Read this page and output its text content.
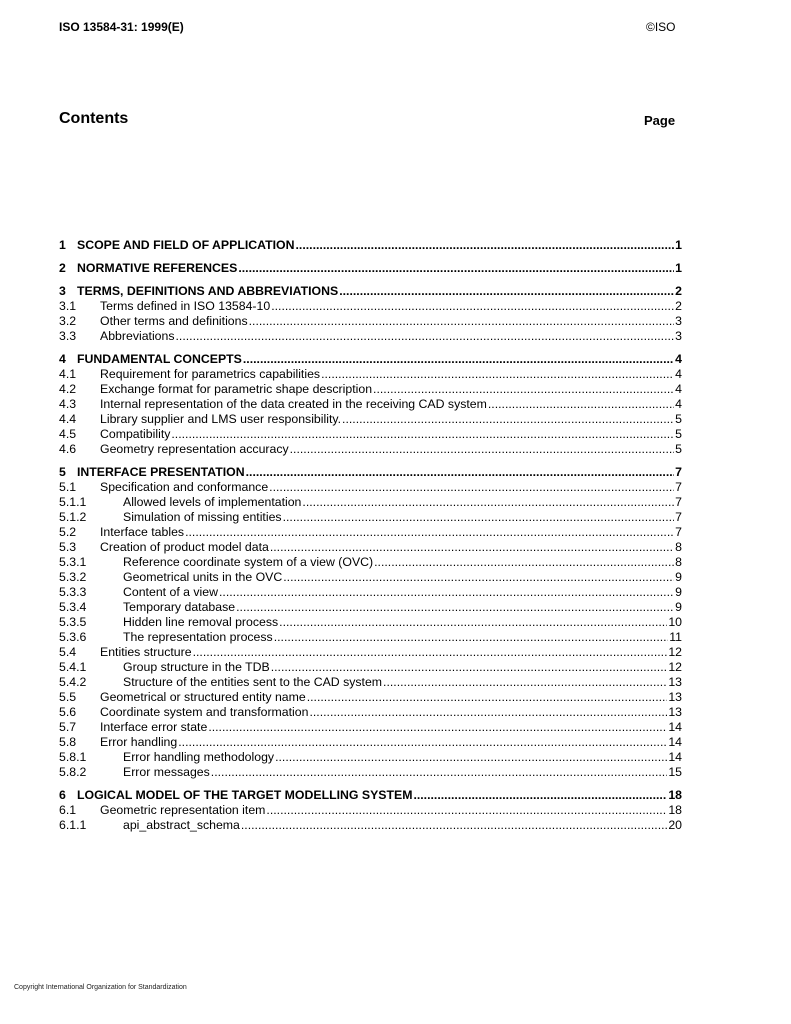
ISO 13584-31: 1999(E)	©ISO
Contents	Page
1 SCOPE AND FIELD OF APPLICATION .....	1
2 NORMATIVE REFERENCES .....	1
3 TERMS, DEFINITIONS AND ABBREVIATIONS .....	2
3.1	Terms defined in ISO 13584-10 .....	2
3.2	Other terms and definitions .....	3
3.3	Abbreviations .....	3
4 FUNDAMENTAL CONCEPTS .....	4
4.1	Requirement for parametrics capabilities .....	4
4.2	Exchange format for parametric shape description .....	4
4.3	Internal representation of the data created in the receiving CAD system .....	4
4.4	Library supplier and LMS user responsibility. .....	5
4.5	Compatibility .....	5
4.6	Geometry representation accuracy .....	5
5 INTERFACE PRESENTATION .....	7
5.1	Specification and conformance .....	7
5.1.1	Allowed levels of implementation .....	7
5.1.2	Simulation of missing entities .....	7
5.2	Interface tables .....	7
5.3	Creation of product model data .....	8
5.3.1	Reference coordinate system of a view (OVC) .....	8
5.3.2	Geometrical units in the OVC .....	9
5.3.3	Content of a view .....	9
5.3.4	Temporary database .....	9
5.3.5	Hidden line removal process .....	10
5.3.6	The representation process .....	11
5.4	Entities structure .....	12
5.4.1	Group structure in the TDB .....	12
5.4.2	Structure of the entities sent to the CAD system .....	13
5.5	Geometrical or structured entity name .....	13
5.6	Coordinate system and transformation .....	13
5.7	Interface error state .....	14
5.8	Error handling .....	14
5.8.1	Error handling methodology .....	14
5.8.2	Error messages .....	15
6 LOGICAL MODEL OF THE TARGET MODELLING SYSTEM .....	18
6.1	Geometric representation item .....	18
6.1.1	api_abstract_schema .....	20
Copyright International Organization for Standardization
